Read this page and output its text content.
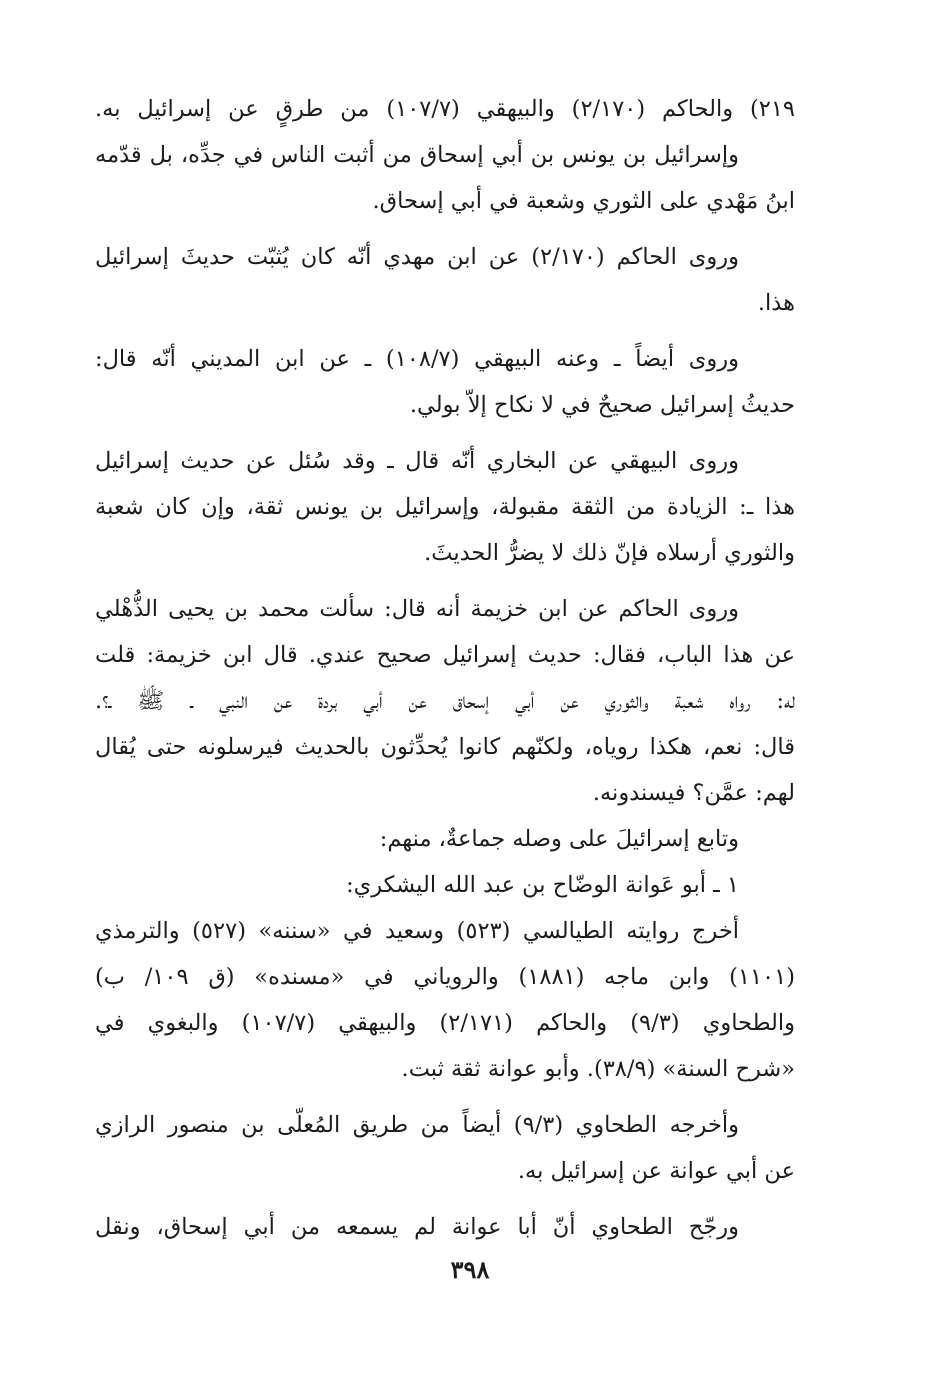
٢١٩) والحاكم (٢/١٧٠) والبيهقي (١٠٧/٧) من طرقٍ عن إسرائيل به.
وإسرائيل بن يونس بن أبي إسحاق من أثبت الناس في جدِّه، بل قدّمه
ابنُ مَهْدي على الثوري وشعبة في أبي إسحاق.
وروى الحاكم (٢/١٧٠) عن ابن مهدي أنّه كان يُثبّت حديثَ إسرائيل
هذا.
وروى أيضاً ـ وعنه البيهقي (١٠٨/٧) ـ عن ابن المديني أنّه قال:
حديثُ إسرائيل صحيحٌ في لا نكاح إلاّ بولي.
وروى البيهقي عن البخاري أنّه قال ـ وقد سُئل عن حديث إسرائيل
هذا ـ: الزيادة من الثقة مقبولة، وإسرائيل بن يونس ثقة، وإن كان شعبة
والثوري أرسلاه فإنّ ذلك لا يضرُّ الحديثَ.
وروى الحاكم عن ابن خزيمة أنه قال: سألت محمد بن يحيى الذُّهْلي
عن هذا الباب، فقال: حديث إسرائيل صحيح عندي. قال ابن خزيمة: قلت
له: رواه شعبة والثوري عن أبي إسحاق عن أبي بردة عن النبي ـ ﷺ ـ؟.
قال: نعم، هكذا روياه، ولكنّهم كانوا يُحدِّثون بالحديث فيرسلونه حتى يُقال
لهم: عمَّن؟ فيسندونه.
وتابع إسرائيلَ على وصله جماعةٌ، منهم:
١ ـ أبو عَوانة الوضّاح بن عبد الله اليشكري:
أخرج روايته الطيالسي (٥٢٣) وسعيد في «سننه» (٥٢٧) والترمذي
(١١٠١) وابن ماجه (١٨٨١) والروياني في «مسنده» (ق ١٠٩/ ب)
والطحاوي (٩/٣) والحاكم (٢/١٧١) والبيهقي (١٠٧/٧) والبغوي في
«شرح السنة» (٣٨/٩). وأبو عوانة ثقة ثبت.
وأخرجه الطحاوي (٩/٣) أيضاً من طريق المُعلّى بن منصور الرازي
عن أبي عوانة عن إسرائيل به.
ورجّح الطحاوي أنّ أبا عوانة لم يسمعه من أبي إسحاق، ونقل
٣٩٨
